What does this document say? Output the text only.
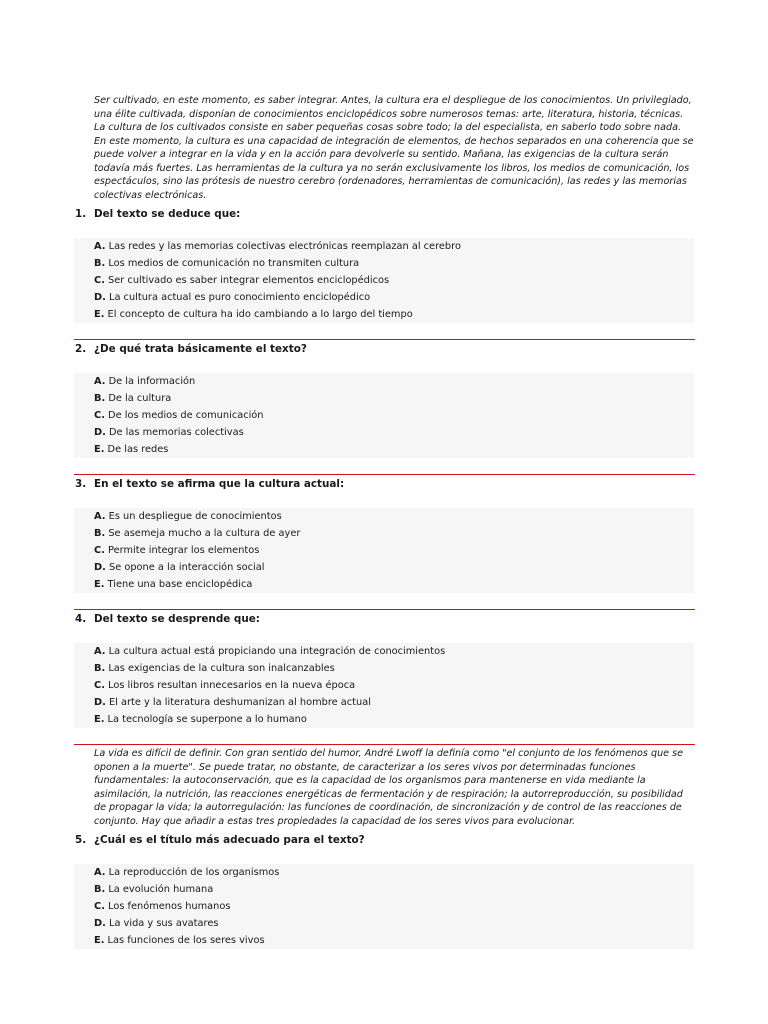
Ser cultivado, en este momento, es saber integrar. Antes, la cultura era el despliegue de los conocimientos. Un privilegiado, una élite cultivada, disponían de conocimientos enciclopédicos sobre numerosos temas: arte, literatura, historia, técnicas. La cultura de los cultivados consiste en saber pequeñas cosas sobre todo; la del especialista, en saberlo todo sobre nada. En este momento, la cultura es una capacidad de integración de elementos, de hechos separados en una coherencia que se puede volver a integrar en la vida y en la acción para devolverle su sentido. Mañana, las exigencias de la cultura serán todavía más fuertes. Las herramientas de la cultura ya no serán exclusivamente los libros, los medios de comunicación, los espectáculos, sino las prótesis de nuestro cerebro (ordenadores, herramientas de comunicación), las redes y las memorias colectivas electrónicas.
1. Del texto se deduce que:
A. Las redes y las memorias colectivas electrónicas reemplazan al cerebro
B. Los medios de comunicación no transmiten cultura
C. Ser cultivado es saber integrar elementos enciclopédicos
D. La cultura actual es puro conocimiento enciclopédico
E. El concepto de cultura ha ido cambiando a lo largo del tiempo
2. ¿De qué trata básicamente el texto?
A. De la información
B. De la cultura
C. De los medios de comunicación
D. De las memorias colectivas
E. De las redes
3. En el texto se afirma que la cultura actual:
A. Es un despliegue de conocimientos
B. Se asemeja mucho a la cultura de ayer
C. Permite integrar los elementos
D. Se opone a la interacción social
E. Tiene una base enciclopédica
4. Del texto se desprende que:
A. La cultura actual está propiciando una integración de conocimientos
B. Las exigencias de la cultura son inalcanzables
C. Los libros resultan innecesarios en la nueva época
D. El arte y la literatura deshumanizan al hombre actual
E. La tecnología se superpone a lo humano
La vida es difícil de definir. Con gran sentido del humor, André Lwoff la definía como "el conjunto de los fenómenos que se oponen a la muerte". Se puede tratar, no obstante, de caracterizar a los seres vivos por determinadas funciones fundamentales: la autoconservación, que es la capacidad de los organismos para mantenerse en vida mediante la asimilación, la nutrición, las reacciones energéticas de fermentación y de respiración; la autorreproducción, su posibilidad de propagar la vida; la autorregulación: las funciones de coordinación, de sincronización y de control de las reacciones de conjunto. Hay que añadir a estas tres propiedades la capacidad de los seres vivos para evolucionar.
5. ¿Cuál es el título más adecuado para el texto?
A. La reproducción de los organismos
B. La evolución humana
C. Los fenómenos humanos
D. La vida y sus avatares
E. Las funciones de los seres vivos
